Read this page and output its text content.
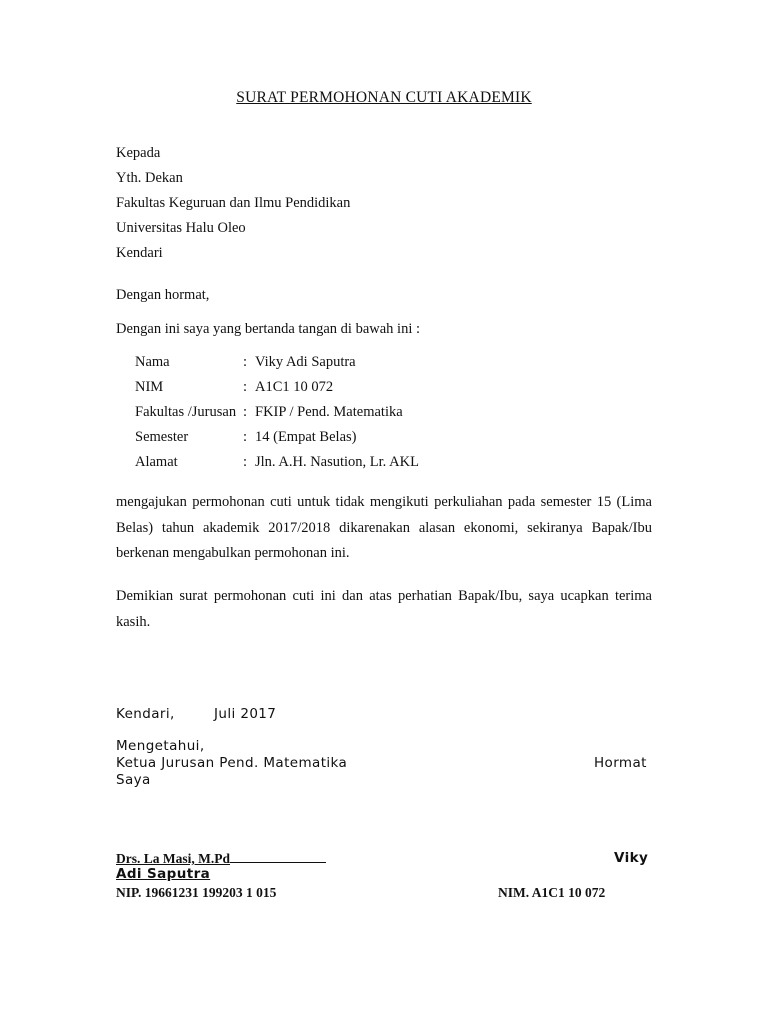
SURAT PERMOHONAN CUTI AKADEMIK
Kepada
Yth. Dekan
Fakultas Keguruan dan Ilmu Pendidikan
Universitas Halu Oleo
Kendari
Dengan hormat,
Dengan ini saya yang bertanda tangan di bawah ini :
Nama	: Viky Adi Saputra
NIM	: A1C1 10 072
Fakultas /Jurusan : FKIP / Pend. Matematika
Semester	: 14 (Empat Belas)
Alamat	: Jln. A.H. Nasution, Lr. AKL
mengajukan permohonan cuti untuk tidak mengikuti perkuliahan pada semester 15 (Lima Belas) tahun akademik 2017/2018 dikarenakan alasan ekonomi, sekiranya Bapak/Ibu berkenan mengabulkan permohonan ini.
Demikian surat permohonan cuti ini dan atas perhatian Bapak/Ibu, saya ucapkan terima kasih.
Kendari,	Juli 2017
Mengetahui,
Ketua Jurusan Pend. Matematika	Hormat
Saya
Drs. La Masi, M.Pd	Viky
Adi Saputra
NIP. 19661231 199203 1 015	NIM. A1C1 10 072
